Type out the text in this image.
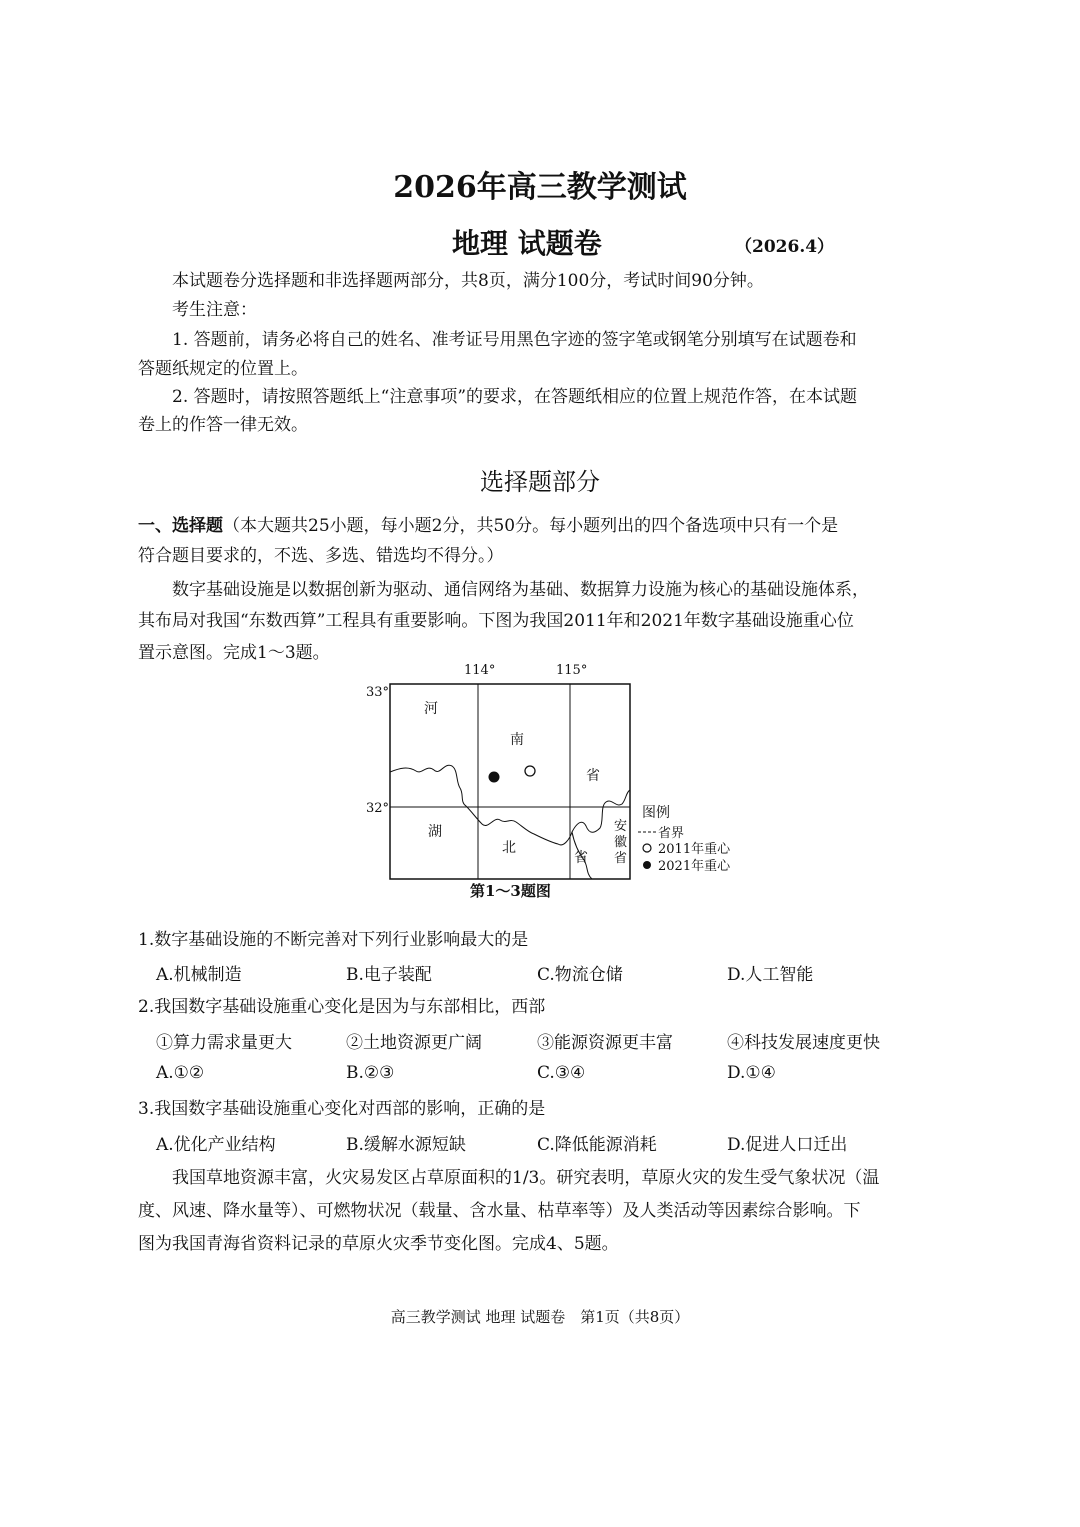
2026年高三教学测试
地理 试题卷	（2026.4）
本试题卷分选择题和非选择题两部分，共8页，满分100分，考试时间90分钟。
考生注意：
1. 答题前，请务必将自己的姓名、准考证号用黑色字迹的签字笔或钢笔分别填写在试题卷和
答题纸规定的位置上。
2. 答题时，请按照答题纸上“注意事项”的要求，在答题纸相应的位置上规范作答，在本试题
卷上的作答一律无效。
选择题部分
一、选择题（本大题共25小题，每小题2分，共50分。每小题列出的四个备选项中只有一个是
符合题目要求的，不选、多选、错选均不得分。）
数字基础设施是以数据创新为驱动、通信网络为基础、数据算力设施为核心的基础设施体系，
其布局对我国“东数西算”工程具有重要影响。下图为我国2011年和2021年数字基础设施重心位
置示意图。完成1～3题。
114°	115°
33°
32°
河
南
省
湖
北
省
安
徽
省
图例
省界
2011年重心
2021年重心
第1～3题图
1.数字基础设施的不断完善对下列行业影响最大的是
A.机械制造	B.电子装配	C.物流仓储	D.人工智能
2.我国数字基础设施重心变化是因为与东部相比，西部
①算力需求量更大	②土地资源更广阔	③能源资源更丰富	④科技发展速度更快
A.①②	B.②③	C.③④	D.①④
3.我国数字基础设施重心变化对西部的影响，正确的是
A.优化产业结构	B.缓解水源短缺	C.降低能源消耗	D.促进人口迁出
我国草地资源丰富，火灾易发区占草原面积的1/3。研究表明，草原火灾的发生受气象状况（温
度、风速、降水量等）、可燃物状况（载量、含水量、枯草率等）及人类活动等因素综合影响。下
图为我国青海省资料记录的草原火灾季节变化图。完成4、5题。
高三教学测试 地理 试题卷　第1页（共8页）
